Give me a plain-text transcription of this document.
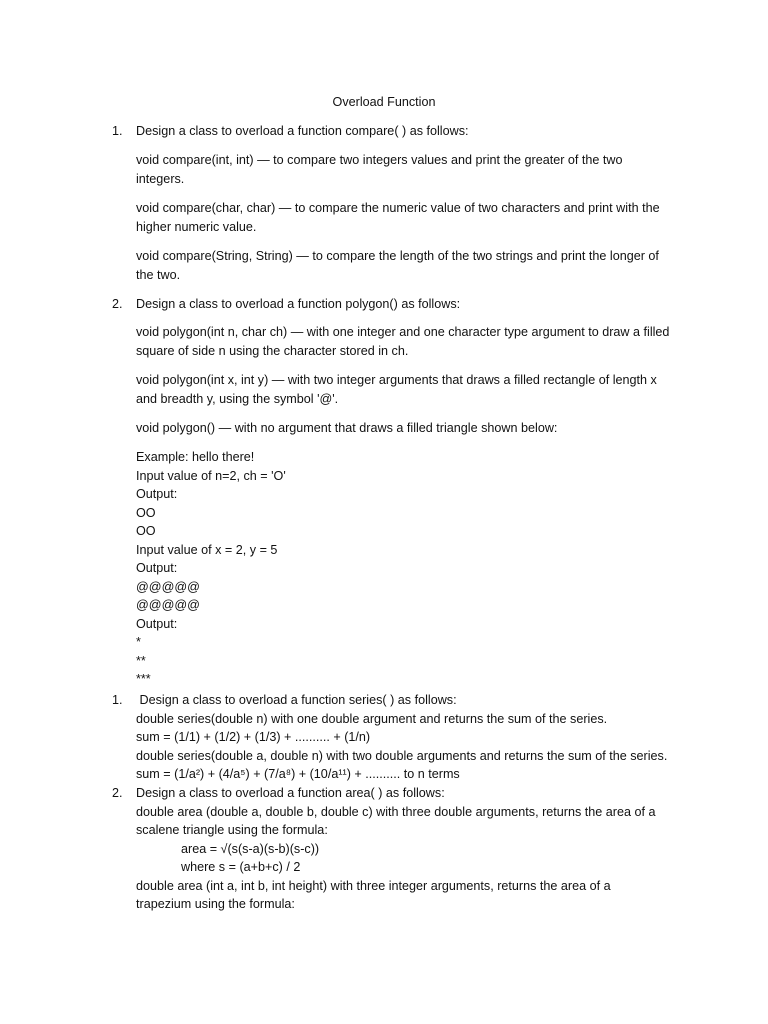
Overload Function
1. Design a class to overload a function compare( ) as follows:
void compare(int, int) — to compare two integers values and print the greater of the two
integers.
void compare(char, char) — to compare the numeric value of two characters and print with the
higher numeric value.
void compare(String, String) — to compare the length of the two strings and print the longer of
the two.
2. Design a class to overload a function polygon() as follows:
void polygon(int n, char ch) — with one integer and one character type argument to draw a filled
square of side n using the character stored in ch.
void polygon(int x, int y) — with two integer arguments that draws a filled rectangle of length x
and breadth y, using the symbol '@'.
void polygon() — with no argument that draws a filled triangle shown below:
Example: hello there!
Input value of n=2, ch = 'O'
Output:
OO
OO
Input value of x = 2, y = 5
Output:
@@@@@
@@@@@
Output:
*
**
***
1. Design a class to overload a function series( ) as follows:
double series(double n) with one double argument and returns the sum of the series.
sum = (1/1) + (1/2) + (1/3) + .......... + (1/n)
double series(double a, double n) with two double arguments and returns the sum of the series.
sum = (1/a²) + (4/a⁵) + (7/a⁸) + (10/a¹¹) + .......... to n terms
2. Design a class to overload a function area( ) as follows:
double area (double a, double b, double c) with three double arguments, returns the area of a
scalene triangle using the formula:
area = √(s(s-a)(s-b)(s-c))
where s = (a+b+c) / 2
double area (int a, int b, int height) with three integer arguments, returns the area of a
trapezium using the formula:
